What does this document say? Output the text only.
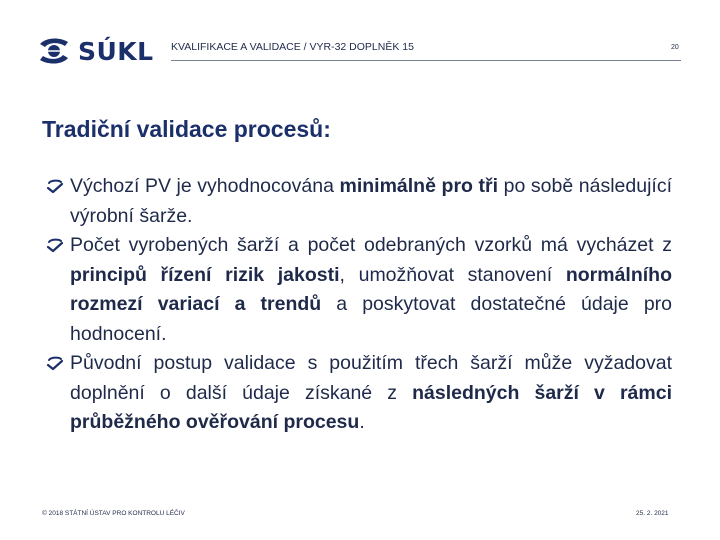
SÚKL KVALIFIKACE A VALIDACE / VYR-32 DOPLNĚK 15	20
Tradiční validace procesů:

Výchozí PV je vyhodnocována minimálně pro tři po sobě následující výrobní šarže.

Počet vyrobených šarží a počet odebraných vzorků má vycházet z principů řízení rizik jakosti, umožňovat stanovení normálního rozmezí variací a trendů a poskytovat dostatečné údaje pro hodnocení.

Původní postup validace s použitím třech šarží může vyžadovat doplnění o další údaje získané z následných šarží v rámci průběžného ověřování procesu.

© 2018 STÁTNÍ ÚSTAV PRO KONTROLU LÉČIV	25. 2. 2021
